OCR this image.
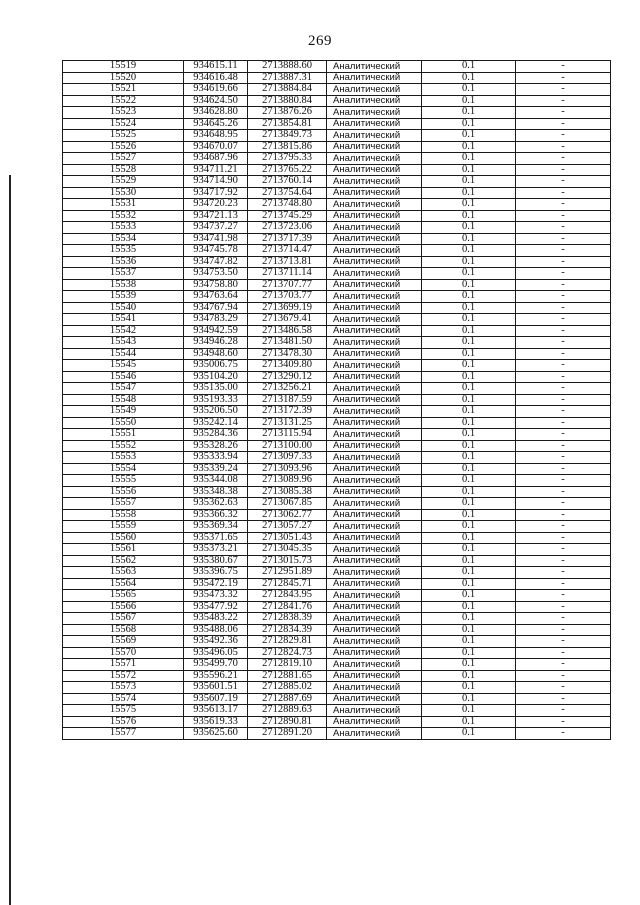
269
15519	934615.11	2713888.60	Аналитический	0.1	-
15520	934616.48	2713887.31	Аналитический	0.1	-
15521	934619.66	2713884.84	Аналитический	0.1	-
15522	934624.50	2713880.84	Аналитический	0.1	-
15523	934628.80	2713876.26	Аналитический	0.1	-
15524	934645.26	2713854.81	Аналитический	0.1	-
15525	934648.95	2713849.73	Аналитический	0.1	-
15526	934670.07	2713815.86	Аналитический	0.1	-
15527	934687.96	2713795.33	Аналитический	0.1	-
15528	934711.21	2713765.22	Аналитический	0.1	-
15529	934714.90	2713760.14	Аналитический	0.1	-
15530	934717.92	2713754.64	Аналитический	0.1	-
15531	934720.23	2713748.80	Аналитический	0.1	-
15532	934721.13	2713745.29	Аналитический	0.1	-
15533	934737.27	2713723.06	Аналитический	0.1	-
15534	934741.98	2713717.39	Аналитический	0.1	-
15535	934745.78	2713714.47	Аналитический	0.1	-
15536	934747.82	2713713.81	Аналитический	0.1	-
15537	934753.50	2713711.14	Аналитический	0.1	-
15538	934758.80	2713707.77	Аналитический	0.1	-
15539	934763.64	2713703.77	Аналитический	0.1	-
15540	934767.94	2713699.19	Аналитический	0.1	-
15541	934783.29	2713679.41	Аналитический	0.1	-
15542	934942.59	2713486.58	Аналитический	0.1	-
15543	934946.28	2713481.50	Аналитический	0.1	-
15544	934948.60	2713478.30	Аналитический	0.1	-
15545	935006.75	2713409.80	Аналитический	0.1	-
15546	935104.20	2713290.12	Аналитический	0.1	-
15547	935135.00	2713256.21	Аналитический	0.1	-
15548	935193.33	2713187.59	Аналитический	0.1	-
15549	935206.50	2713172.39	Аналитический	0.1	-
15550	935242.14	2713131.25	Аналитический	0.1	-
15551	935284.36	2713115.94	Аналитический	0.1	-
15552	935328.26	2713100.00	Аналитический	0.1	-
15553	935333.94	2713097.33	Аналитический	0.1	-
15554	935339.24	2713093.96	Аналитический	0.1	-
15555	935344.08	2713089.96	Аналитический	0.1	-
15556	935348.38	2713085.38	Аналитический	0.1	-
15557	935362.63	2713067.85	Аналитический	0.1	-
15558	935366.32	2713062.77	Аналитический	0.1	-
15559	935369.34	2713057.27	Аналитический	0.1	-
15560	935371.65	2713051.43	Аналитический	0.1	-
15561	935373.21	2713045.35	Аналитический	0.1	-
15562	935380.67	2713015.73	Аналитический	0.1	-
15563	935396.75	2712951.89	Аналитический	0.1	-
15564	935472.19	2712845.71	Аналитический	0.1	-
15565	935473.32	2712843.95	Аналитический	0.1	-
15566	935477.92	2712841.76	Аналитический	0.1	-
15567	935483.22	2712838.39	Аналитический	0.1	-
15568	935488.06	2712834.39	Аналитический	0.1	-
15569	935492.36	2712829.81	Аналитический	0.1	-
15570	935496.05	2712824.73	Аналитический	0.1	-
15571	935499.70	2712819.10	Аналитический	0.1	-
15572	935596.21	2712881.65	Аналитический	0.1	-
15573	935601.51	2712885.02	Аналитический	0.1	-
15574	935607.19	2712887.69	Аналитический	0.1	-
15575	935613.17	2712889.63	Аналитический	0.1	-
15576	935619.33	2712890.81	Аналитический	0.1	-
15577	935625.60	2712891.20	Аналитический	0.1	-
